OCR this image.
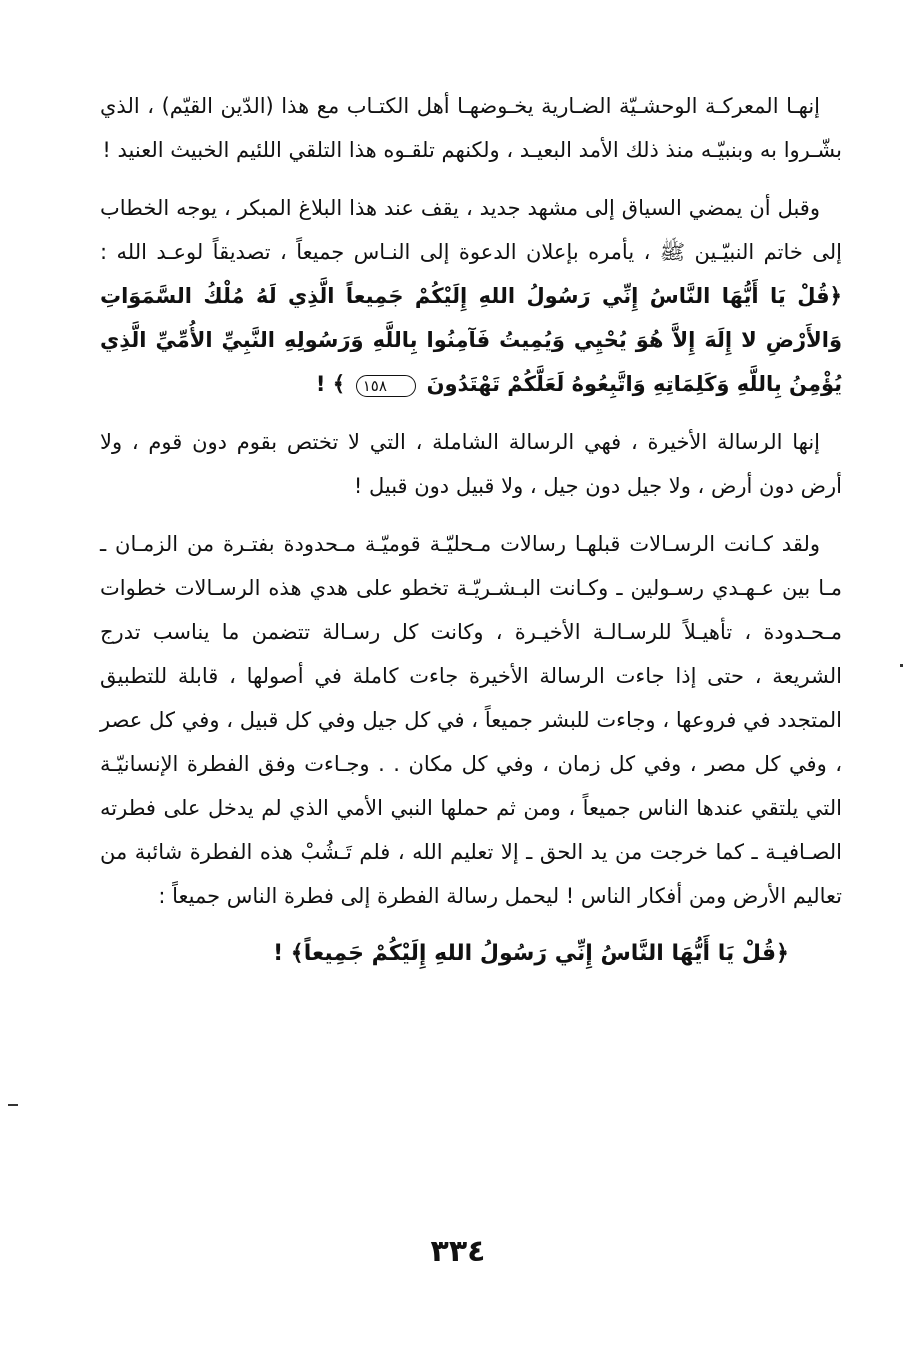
إنهـا المعركـة الوحشـيّة الضـارية يخـوضهـا أهل الكتـاب مع هذا (الدّين القيّم) ، الذي بشّـروا به وبنبيّـه منذ ذلك الأمد البعيـد ، ولكنهم تلقـوه هذا التلقي اللئيم الخبيث العنيد !

وقبل أن يمضي السياق إلى مشهد جديد ، يقف عند هذا البلاغ المبكر ، يوجه الخطاب إلى خاتم النبيّـين ﷺ ، يأمره بإعلان الدعوة إلى النـاس جميعاً ، تصديقاً لوعـد الله : ﴿قُلْ يَا أَيُّهَا النَّاسُ إِنِّي رَسُولُ اللهِ إِلَيْكُمْ جَمِيعاً الَّذِي لَهُ مُلْكُ السَّمَوَاتِ وَالأَرْضِ لا إِلَهَ إِلاَّ هُوَ يُحْيِي وَيُمِيتُ فَآمِنُوا بِاللَّهِ وَرَسُولِهِ النَّبِيِّ الأُمِّيِّ الَّذِي يُؤْمِنُ بِاللَّهِ وَكَلِمَاتِهِ وَاتَّبِعُوهُ لَعَلَّكُمْ تَهْتَدُونَ ١٥٨ ﴾ !

إنها الرسالة الأخيرة ، فهي الرسالة الشاملة ، التي لا تختص بقوم دون قوم ، ولا أرض دون أرض ، ولا جيل دون جيل ، ولا قبيل دون قبيل !

ولقد كـانت الرسـالات قبلهـا رسالات مـحليّـة قوميّـة مـحدودة بفتـرة من الزمـان ـ مـا بين عـهـدي رسـولين ـ وكـانت البـشـريّـة تخطو على هدي هذه الرسـالات خطوات مـحـدودة ، تأهيـلاً للرسـالـة الأخيـرة ، وكانت كل رسـالة تتضمن ما يناسب تدرج الشريعة ، حتى إذا جاءت الرسالة الأخيرة جاءت كاملة في أصولها ، قابلة للتطبيق المتجدد في فروعها ، وجاءت للبشر جميعاً ، في كل جيل وفي كل قبيل ، وفي كل عصر ، وفي كل مصر ، وفي كل زمان ، وفي كل مكان . . وجـاءت وفق الفطرة الإنسانيّـة التي يلتقي عندها الناس جميعاً ، ومن ثم حملها النبي الأمي الذي لم يدخل على فطرته الصـافيـة ـ كما خرجت من يد الحق ـ إلا تعليم الله ، فلم تَـشُبْ هذه الفطرة شائبة من تعاليم الأرض ومن أفكار الناس ! ليحمل رسالة الفطرة إلى فطرة الناس جميعاً :

﴿قُلْ يَا أَيُّهَا النَّاسُ إِنِّي رَسُولُ اللهِ إِلَيْكُمْ جَمِيعاً﴾ !

٣٣٤
